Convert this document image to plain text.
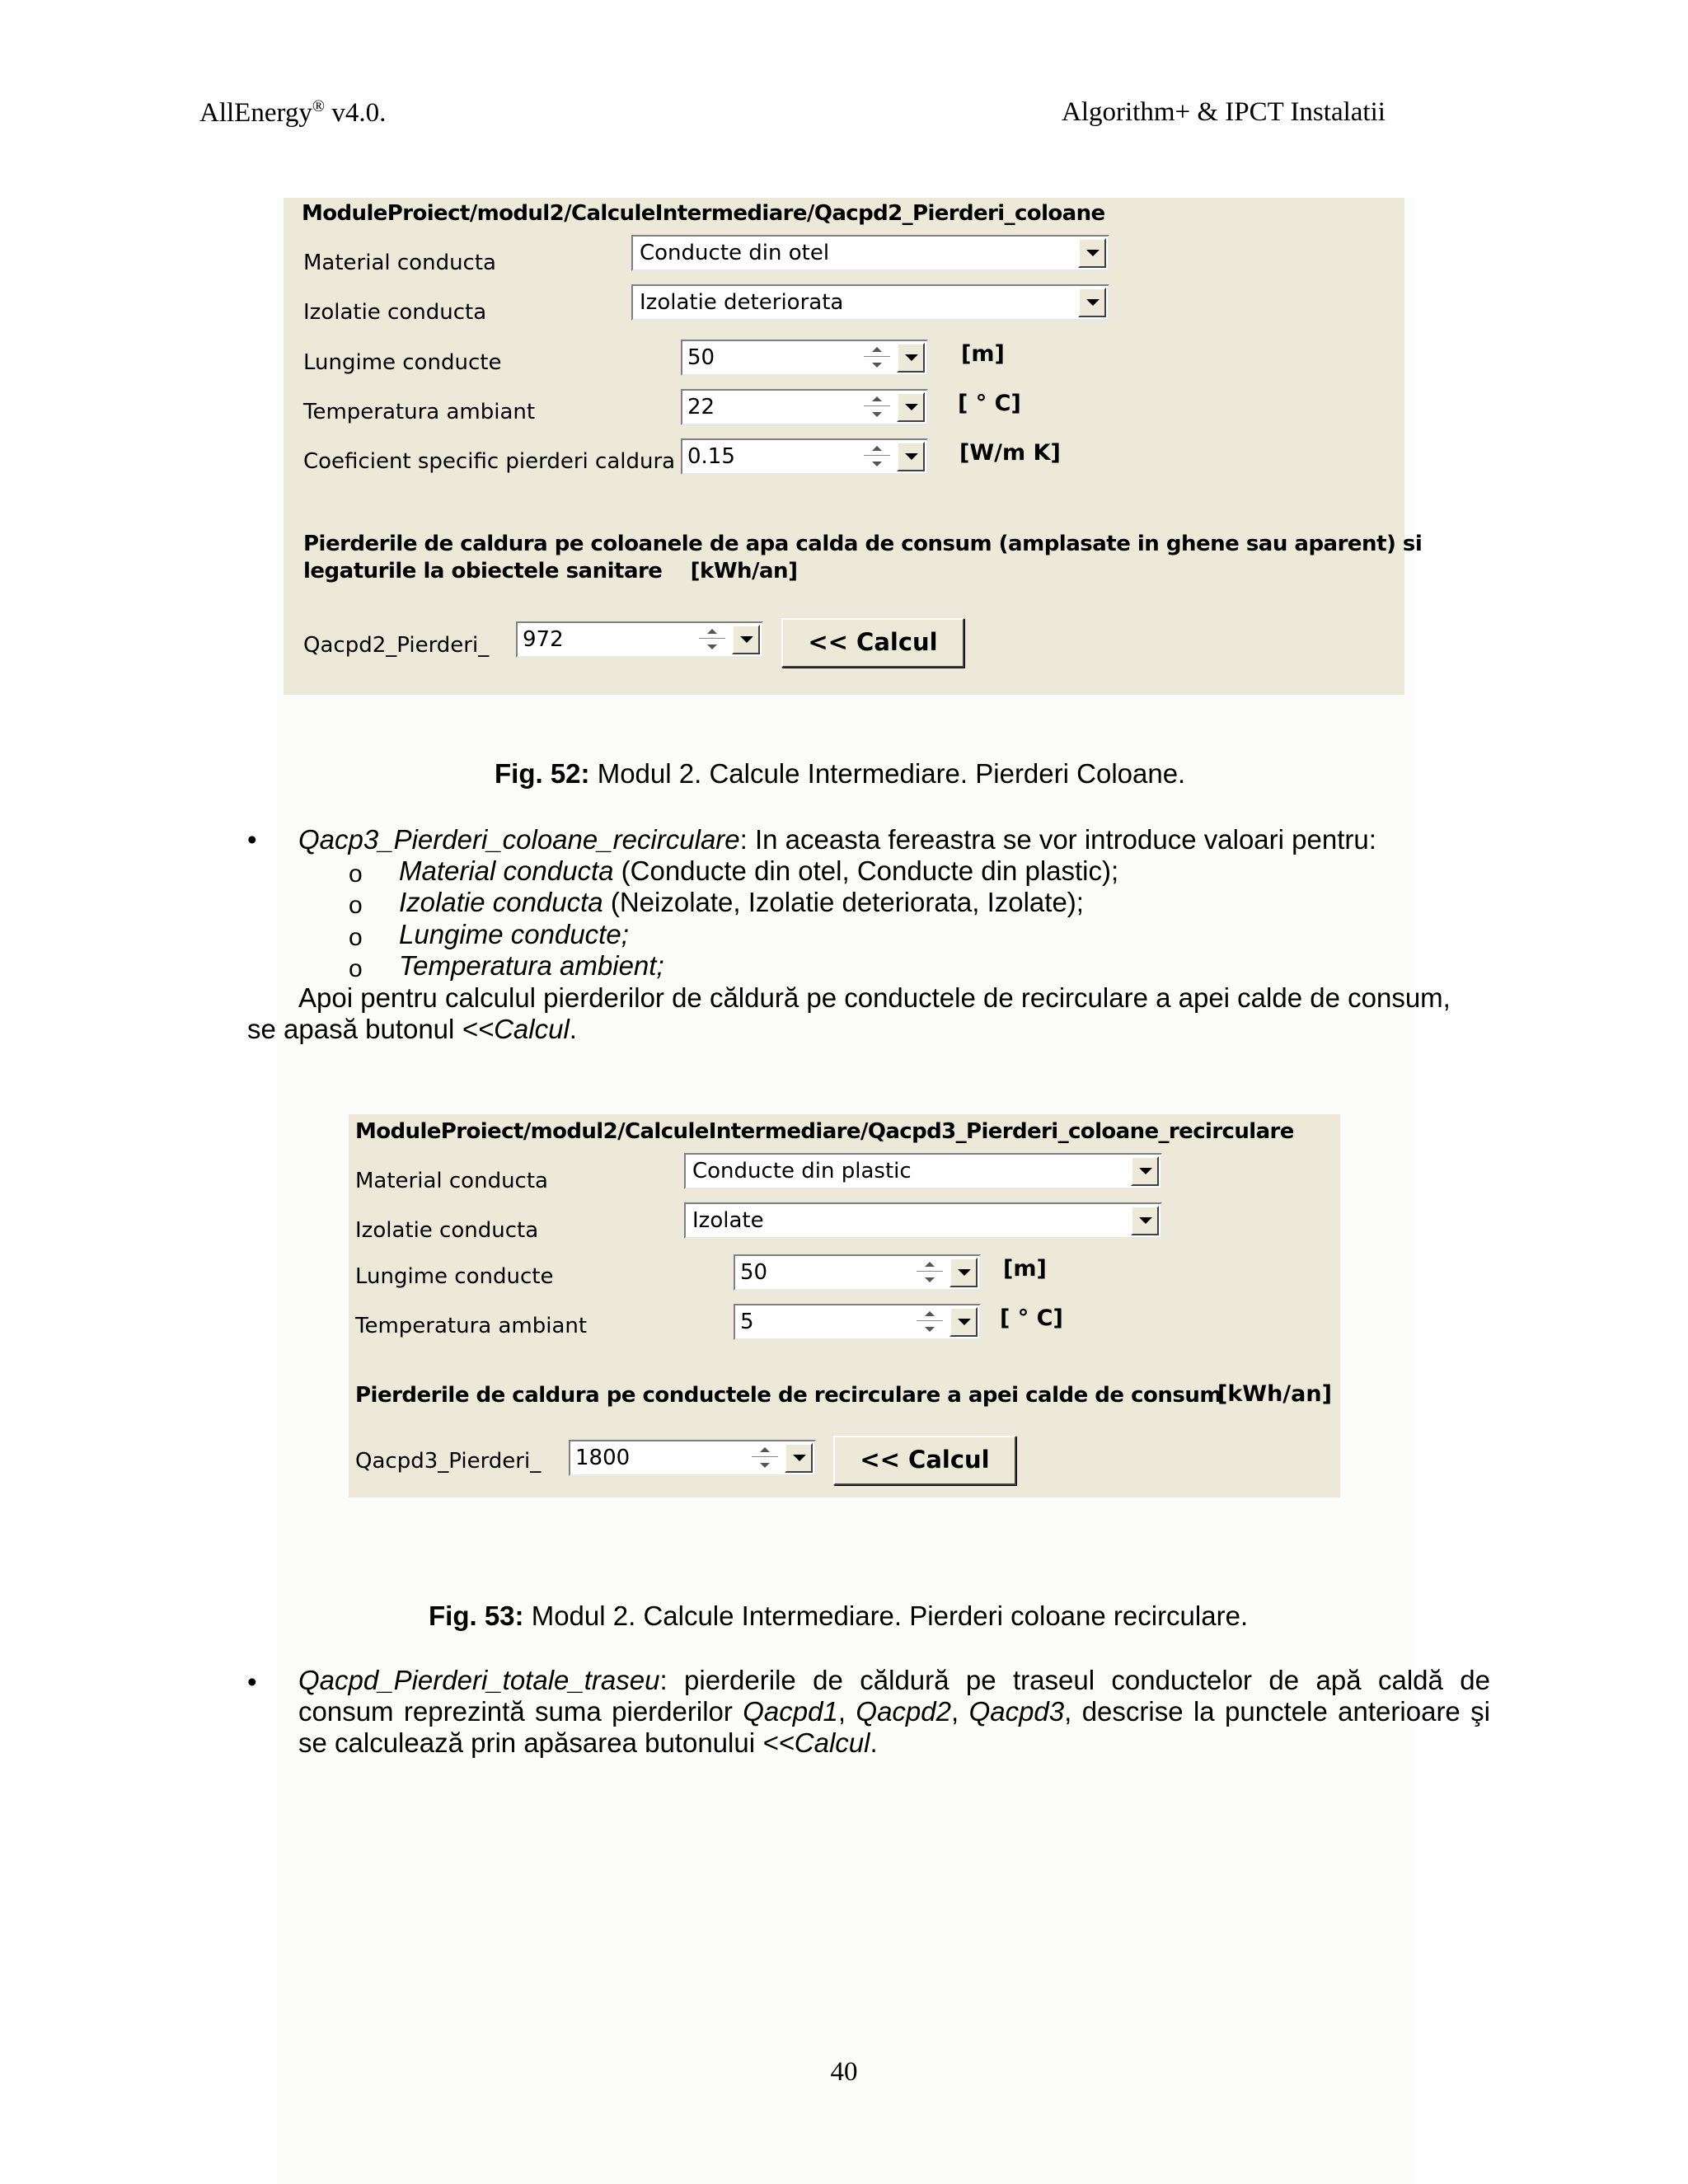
AllEnergy® v4.0.	Algorithm+ & IPCT Instalatii
ModuleProiect/modul2/CalculeIntermediare/Qacpd2_Pierderi_coloane
Material conducta	Conducte din otel
Izolatie conducta	Izolatie deteriorata
Lungime conducte	50	[m]
Temperatura ambiant	22	[ ° C]
Coeficient specific pierderi caldura 0.15	[W/m K]
Pierderile de caldura pe coloanele de apa calda de consum (amplasate in ghene sau aparent) si
legaturile la obiectele sanitare    [kWh/an]
Qacpd2_Pierderi_ 972	<< Calcul
Fig. 52: Modul 2. Calcule Intermediare. Pierderi Coloane.
• Qacp3_Pierderi_coloane_recirculare: In aceasta fereastra se vor introduce valoari pentru:
o Material conducta (Conducte din otel, Conducte din plastic);
o Izolatie conducta (Neizolate, Izolatie deteriorata, Izolate);
o Lungime conducte;
o Temperatura ambient;
Apoi pentru calculul pierderilor de căldură pe conductele de recirculare a apei calde de consum,
se apasă butonul <<Calcul.
ModuleProiect/modul2/CalculeIntermediare/Qacpd3_Pierderi_coloane_recirculare
Material conducta	Conducte din plastic
Izolatie conducta	Izolate
Lungime conducte	50	[m]
Temperatura ambiant	5	[ ° C]
Pierderile de caldura pe conductele de recirculare a apei calde de consum
[kWh/an]
Qacpd3_Pierderi_ 1800	<< Calcul
Fig. 53: Modul 2. Calcule Intermediare. Pierderi coloane recirculare.
• Qacpd_Pierderi_totale_traseu: pierderile de căldură pe traseul conductelor de apă caldă de consum reprezintă suma pierderilor Qacpd1, Qacpd2, Qacpd3, descrise la punctele anterioare şi se calculează prin apăsarea butonului <<Calcul.
40
